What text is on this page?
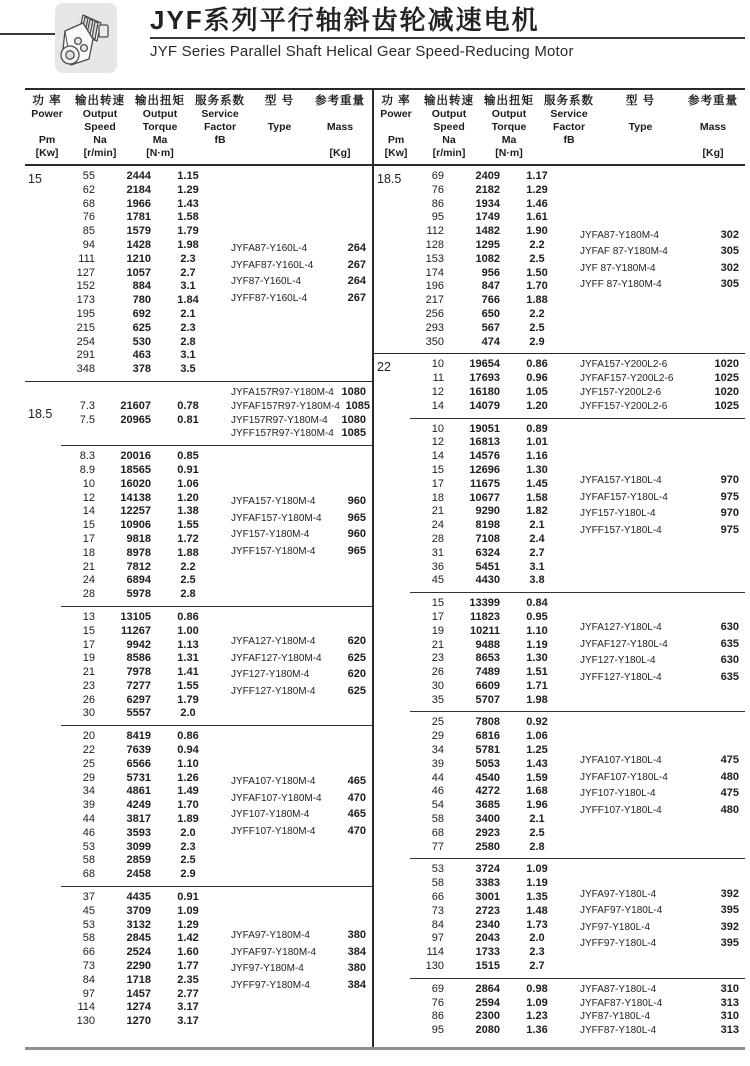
JYF系列平行轴斜齿轮减速电机
JYF Series Parallel Shaft Helical Gear Speed-Reducing Motor
功 率
Power
Pm
[Kw]
输出转速
Output
Speed
Na
[r/min]
输出扭矩
Output
Torque
Ma
[N·m]
服务系数
Service
Factor
fB
型 号
Type
参考重量
Mass
[Kg]
15	55	2444	1.15
62	2184	1.29
68	1966	1.43
76	1781	1.58
85	1579	1.79
94	1428	1.98
111	1210	2.3
127	1057	2.7
152	884	3.1
173	780	1.84
195	692	2.1
215	625	2.3
254	530	2.8
291	463	3.1
348	378	3.5
JYFA87-Y160L-4	264
JYFAF87-Y160L-4	267
JYF87-Y160L-4	264
JYFF87-Y160L-4	267
18.5
7.3	21607	0.78
7.5	20965	0.81
JYFA157R97-Y180M-4 1080
JYFAF157R97-Y180M-4 1085
JYF157R97-Y180M-4	1080
JYFF157R97-Y180M-4 1085
8.3	20016	0.85
8.9	18565	0.91
10	16020	1.06
12	14138	1.20
14	12257	1.38
15	10906	1.55
17	9818	1.72
18	8978	1.88
21	7812	2.2
24	6894	2.5
28	5978	2.8
JYFA157-Y180M-4	960
JYFAF157-Y180M-4	965
JYF157-Y180M-4	960
JYFF157-Y180M-4	965
13	13105	0.86
15	11267	1.00
17	9942	1.13
19	8586	1.31
21	7978	1.41
23	7277	1.55
26	6297	1.79
30	5557	2.0
JYFA127-Y180M-4	620
JYFAF127-Y180M-4	625
JYF127-Y180M-4	620
JYFF127-Y180M-4	625
20	8419	0.86
22	7639	0.94
25	6566	1.10
29	5731	1.26
34	4861	1.49
39	4249	1.70
44	3817	1.89
46	3593	2.0
53	3099	2.3
58	2859	2.5
68	2458	2.9
JYFA107-Y180M-4	465
JYFAF107-Y180M-4	470
JYF107-Y180M-4	465
JYFF107-Y180M-4	470
37	4435	0.91
45	3709	1.09
53	3132	1.29
58	2845	1.42
66	2524	1.60
73	2290	1.77
84	1718	2.35
97	1457	2.77
114	1274	3.17
130	1270	3.17
JYFA97-Y180M-4	380
JYFAF97-Y180M-4	384
JYF97-Y180M-4	380
JYFF97-Y180M-4	384
功 率
Power
Pm
[Kw]
输出转速
Output
Speed
Na
[r/min]
输出扭矩
Output
Torque
Ma
[N·m]
服务系数
Service
Factor
fB
型 号
Type
参考重量
Mass
[Kg]
18.5	69	2409	1.17
76	2182	1.29
86	1934	1.46
95	1749	1.61
112	1482	1.90
128	1295	2.2
153	1082	2.5
174	956	1.50
196	847	1.70
217	766	1.88
256	650	2.2
293	567	2.5
350	474	2.9
JYFA87-Y180M-4	302
JYFAF 87-Y180M-4	305
JYF 87-Y180M-4	302
JYFF 87-Y180M-4	305
22	10	19654	0.86
11	17693	0.96
12	16180	1.05
14	14079	1.20
JYFA157-Y200L2-6	1020
JYFAF157-Y200L2-6	1025
JYF157-Y200L2-6	1020
JYFF157-Y200L2-6	1025
10	19051	0.89
12	16813	1.01
14	14576	1.16
15	12696	1.30
17	11675	1.45
18	10677	1.58
21	9290	1.82
24	8198	2.1
28	7108	2.4
31	6324	2.7
36	5451	3.1
45	4430	3.8
JYFA157-Y180L-4	970
JYFAF157-Y180L-4	975
JYF157-Y180L-4	970
JYFF157-Y180L-4	975
15	13399	0.84
17	11823	0.95
19	10211	1.10
21	9488	1.19
23	8653	1.30
26	7489	1.51
30	6609	1.71
35	5707	1.98
JYFA127-Y180L-4	630
JYFAF127-Y180L-4	635
JYF127-Y180L-4	630
JYFF127-Y180L-4	635
25	7808	0.92
29	6816	1.06
34	5781	1.25
39	5053	1.43
44	4540	1.59
46	4272	1.68
54	3685	1.96
58	3400	2.1
68	2923	2.5
77	2580	2.8
JYFA107-Y180L-4	475
JYFAF107-Y180L-4	480
JYF107-Y180L-4	475
JYFF107-Y180L-4	480
53	3724	1.09
58	3383	1.19
66	3001	1.35
73	2723	1.48
84	2340	1.73
97	2043	2.0
114	1733	2.3
130	1515	2.7
JYFA97-Y180L-4	392
JYFAF97-Y180L-4	395
JYF97-Y180L-4	392
JYFF97-Y180L-4	395
69	2864	0.98
76	2594	1.09
86	2300	1.23
95	2080	1.36
JYFA87-Y180L-4	310
JYFAF87-Y180L-4	313
JYF87-Y180L-4	310
JYFF87-Y180L-4	313
